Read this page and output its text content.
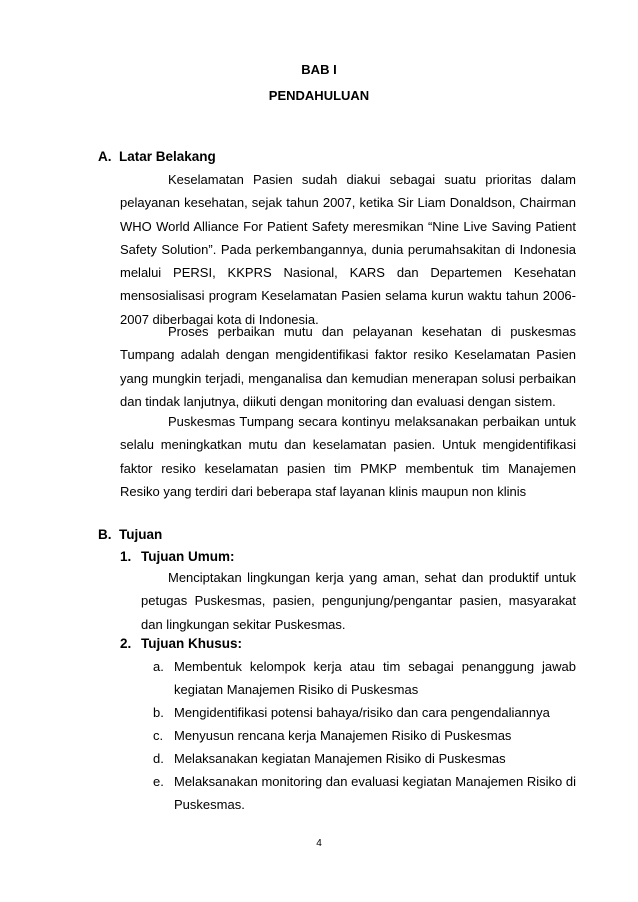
BAB I
PENDAHULUAN
A. Latar Belakang

Keselamatan Pasien sudah diakui sebagai suatu prioritas dalam pelayanan kesehatan, sejak tahun 2007, ketika Sir Liam Donaldson, Chairman WHO World Alliance For Patient Safety meresmikan “Nine Live Saving Patient Safety Solution”. Pada perkembangannya, dunia perumahsakitan di Indonesia melalui PERSI, KKPRS Nasional, KARS dan Departemen Kesehatan mensosialisasi program Keselamatan Pasien selama kurun waktu tahun 2006-2007 diberbagai kota di Indonesia.

Proses perbaikan mutu dan pelayanan kesehatan di puskesmas Tumpang adalah dengan mengidentifikasi faktor resiko Keselamatan Pasien yang mungkin terjadi, menganalisa dan kemudian menerapan solusi perbaikan dan tindak lanjutnya, diikuti dengan monitoring dan evaluasi dengan sistem.

Puskesmas Tumpang secara kontinyu melaksanakan perbaikan untuk selalu meningkatkan mutu dan keselamatan pasien. Untuk mengidentifikasi faktor resiko keselamatan pasien tim PMKP membentuk tim Manajemen Resiko yang terdiri dari beberapa staf layanan klinis maupun non klinis

B. Tujuan
1. Tujuan Umum:

Menciptakan lingkungan kerja yang aman, sehat dan produktif untuk petugas Puskesmas, pasien, pengunjung/pengantar pasien, masyarakat dan lingkungan sekitar Puskesmas.

2. Tujuan Khusus:
a. Membentuk kelompok kerja atau tim sebagai penanggung jawab kegiatan Manajemen Risiko di Puskesmas
b. Mengidentifikasi potensi bahaya/risiko dan cara pengendaliannya
c. Menyusun rencana kerja Manajemen Risiko di Puskesmas
d. Melaksanakan kegiatan Manajemen Risiko di Puskesmas
e. Melaksanakan monitoring dan evaluasi kegiatan Manajemen Risiko di Puskesmas.
4
